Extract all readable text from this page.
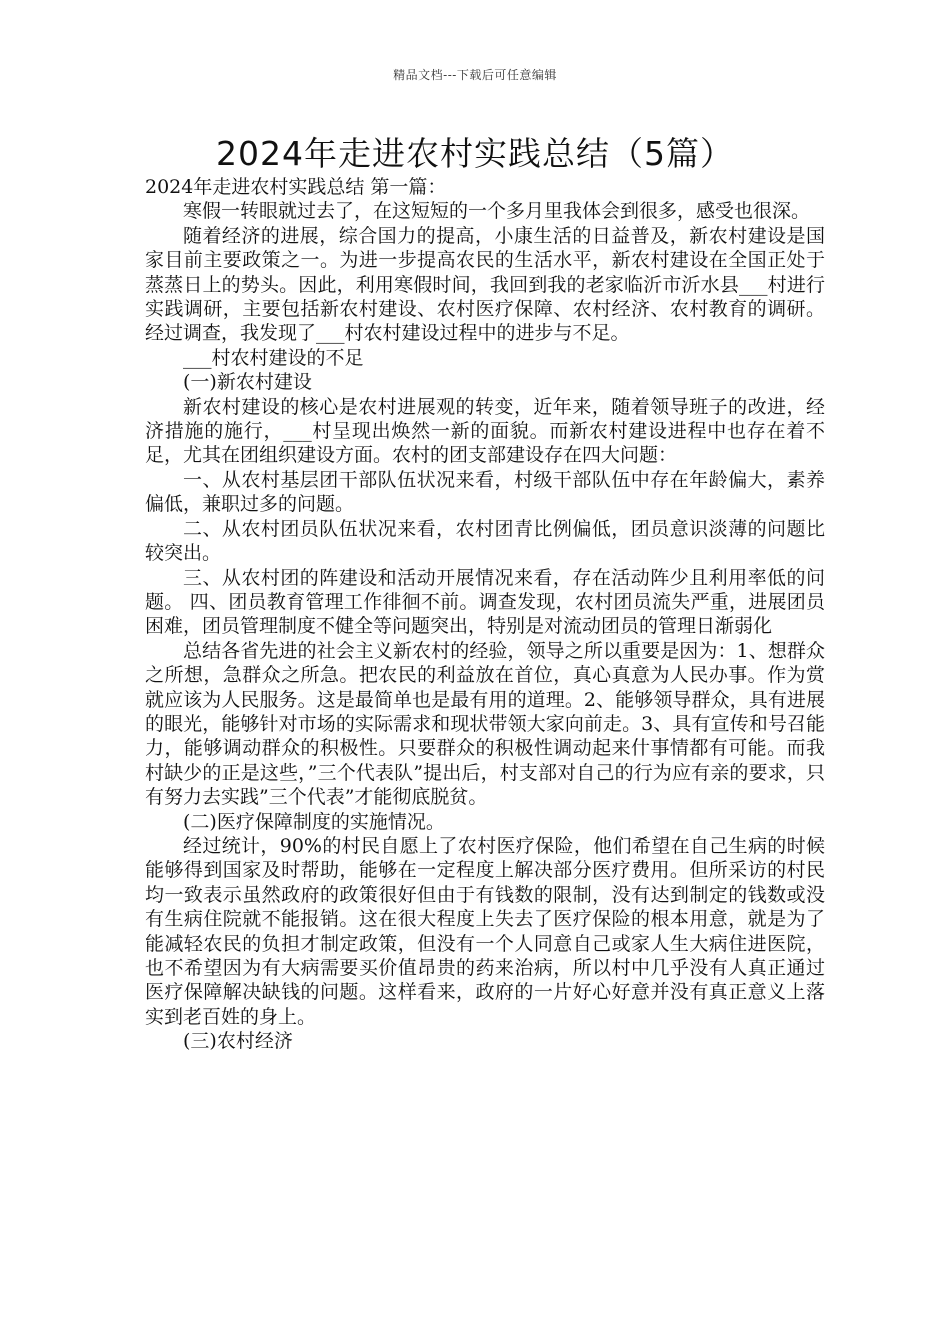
精品文档---下载后可任意编辑
2024年走进农村实践总结（5篇）

2024年走进农村实践总结 第一篇：

寒假一转眼就过去了，在这短短的一个多月里我体会到很多，感受也很深。

随着经济的进展，综合国力的提高，小康生活的日益普及，新农村建设是国家目前主要政策之一。为进一步提高农民的生活水平，新农村建设在全国正处于蒸蒸日上的势头。因此，利用寒假时间，我回到我的老家临沂市沂水县___村进行实践调研，主要包括新农村建设、农村医疗保障、农村经济、农村教育的调研。经过调查，我发现了___村农村建设过程中的进步与不足。

___村农村建设的不足

(一)新农村建设

新农村建设的核心是农村进展观的转变，近年来，随着领导班子的改进，经济措施的施行，___村呈现出焕然一新的面貌。而新农村建设进程中也存在着不足，尤其在团组织建设方面。农村的团支部建设存在四大问题：

一、从农村基层团干部队伍状况来看，村级干部队伍中存在年龄偏大，素养偏低，兼职过多的问题。

二、从农村团员队伍状况来看，农村团青比例偏低，团员意识淡薄的问题比较突出。

三、从农村团的阵建设和活动开展情况来看，存在活动阵少且利用率低的问题。 四、团员教育管理工作徘徊不前。调查发现，农村团员流失严重，进展团员困难，团员管理制度不健全等问题突出，特别是对流动团员的管理日渐弱化

总结各省先进的社会主义新农村的经验，领导之所以重要是因为：1、想群众之所想，急群众之所急。把农民的利益放在首位，真心真意为人民办事。作为赏就应该为人民服务。这是最简单也是最有用的道理。2、能够领导群众，具有进展的眼光，能够针对市场的实际需求和现状带领大家向前走。3、具有宣传和号召能力，能够调动群众的积极性。只要群众的积极性调动起来什事情都有可能。而我村缺少的正是这些，”三个代表队”提出后，村支部对自己的行为应有亲的要求，只有努力去实践”三个代表”才能彻底脱贫。

(二)医疗保障制度的实施情况。

经过统计，90%的村民自愿上了农村医疗保险，他们希望在自己生病的时候能够得到国家及时帮助，能够在一定程度上解决部分医疗费用。但所采访的村民均一致表示虽然政府的政策很好但由于有钱数的限制，没有达到制定的钱数或没有生病住院就不能报销。这在很大程度上失去了医疗保险的根本用意，就是为了能减轻农民的负担才制定政策，但没有一个人同意自己或家人生大病住进医院，也不希望因为有大病需要买价值昂贵的药来治病，所以村中几乎没有人真正通过医疗保障解决缺钱的问题。这样看来，政府的一片好心好意并没有真正意义上落实到老百姓的身上。

(三)农村经济
